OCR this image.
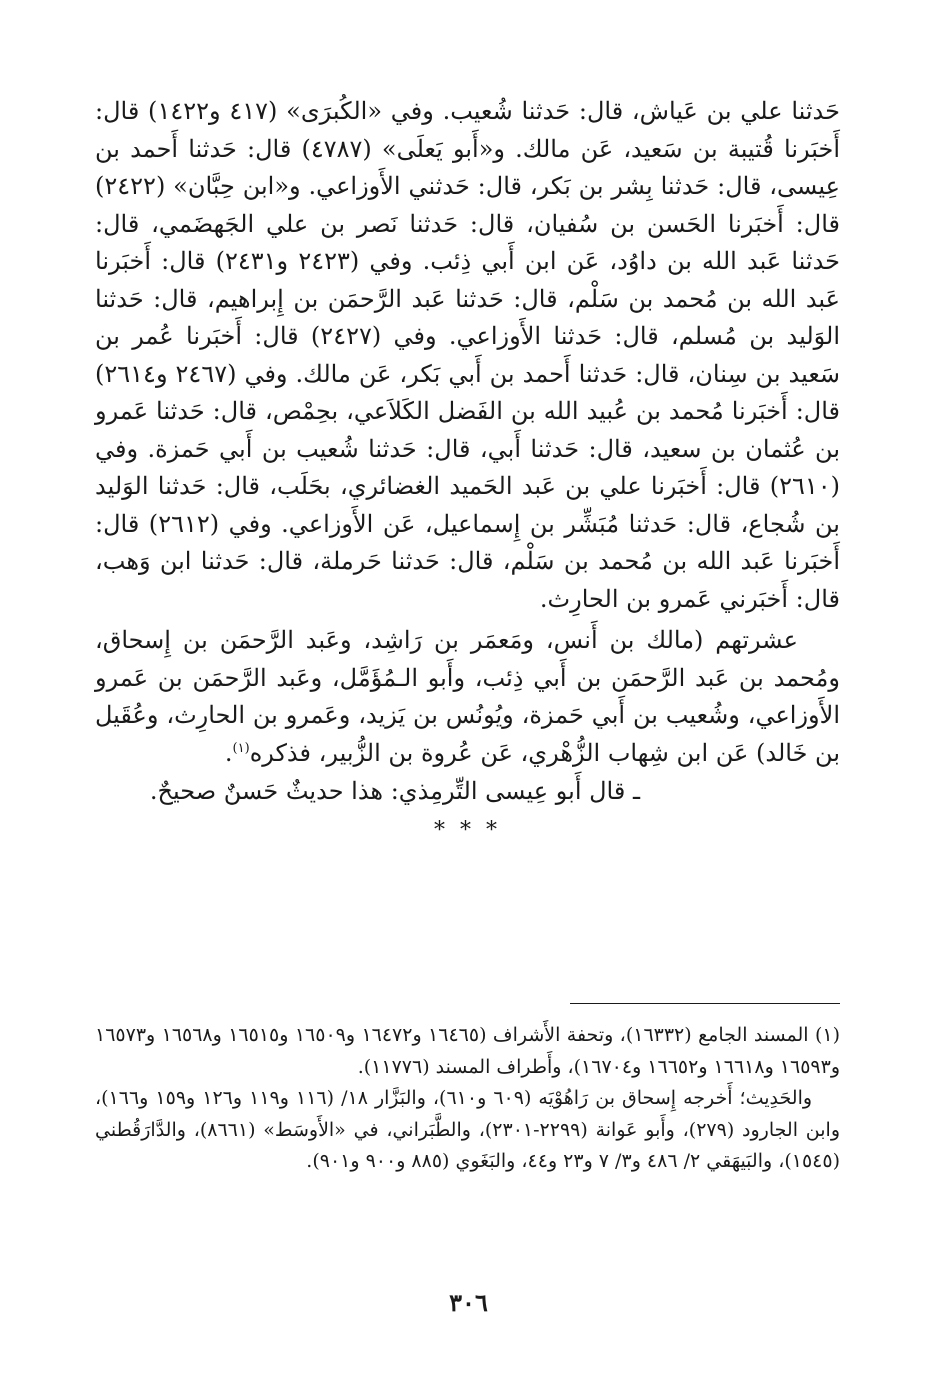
حَدثنا علي بن عَياش، قال: حَدثنا شُعيب. وفي «الكُبرَى» (٤١٧ و١٤٢٢) قال: أَخبَرنا قُتيبة بن سَعيد، عَن مالك. و«أَبو يَعلَى» (٤٧٨٧) قال: حَدثنا أَحمد بن عِيسى، قال: حَدثنا بِشر بن بَكر، قال: حَدثني الأَوزاعي. و«ابن حِبَّان» (٢٤٢٢) قال: أَخبَرنا الحَسن بن سُفيان، قال: حَدثنا نَصر بن علي الجَهضَمي، قال: حَدثنا عَبد الله بن داوُد، عَن ابن أَبي ذِئب. وفي (٢٤٢٣ و٢٤٣١) قال: أَخبَرنا عَبد الله بن مُحمد بن سَلْم، قال: حَدثنا عَبد الرَّحمَن بن إِبراهيم، قال: حَدثنا الوَليد بن مُسلم، قال: حَدثنا الأَوزاعي. وفي (٢٤٢٧) قال: أَخبَرنا عُمر بن سَعيد بن سِنان، قال: حَدثنا أَحمد بن أَبي بَكر، عَن مالك. وفي (٢٤٦٧ و٢٦١٤) قال: أَخبَرنا مُحمد بن عُبيد الله بن الفَضل الكَلاَعي، بحِمْص، قال: حَدثنا عَمرو بن عُثمان بن سعيد، قال: حَدثنا أَبي، قال: حَدثنا شُعيب بن أَبي حَمزة. وفي (٢٦١٠) قال: أَخبَرنا علي بن عَبد الحَميد الغضائري، بحَلَب، قال: حَدثنا الوَليد بن شُجاع، قال: حَدثنا مُبَشِّر بن إِسماعيل، عَن الأَوزاعي. وفي (٢٦١٢) قال: أَخبَرنا عَبد الله بن مُحمد بن سَلْم، قال: حَدثنا حَرملة، قال: حَدثنا ابن وَهب، قال: أَخبَرني عَمرو بن الحارِث.

عشرتهم (مالك بن أَنس، ومَعمَر بن رَاشِد، وعَبد الرَّحمَن بن إِسحاق، ومُحمد بن عَبد الرَّحمَن بن أَبي ذِئب، وأَبو الـمُؤَمَّل، وعَبد الرَّحمَن بن عَمرو الأَوزاعي، وشُعيب بن أَبي حَمزة، ويُونُس بن يَزيد، وعَمرو بن الحارِث، وعُقَيل بن خَالد) عَن ابن شِهاب الزُّهْري، عَن عُروة بن الزُّبير، فذكره$^{(١)}$.

ـ قال أَبو عِيسى التِّرمِذي: هذا حديثٌ حَسنٌ صحيحٌ.

* * *

(١) المسند الجامع (١٦٣٣٢)، وتحفة الأَشراف (١٦٤٦٥ و١٦٤٧٢ و١٦٥٠٩ و١٦٥١٥ و١٦٥٦٨ و١٦٥٧٣ و١٦٥٩٣ و١٦٦١٨ و١٦٦٥٢ و١٦٧٠٤)، وأَطراف المسند (١١٧٧٦).

والحَدِيث؛ أَخرجه إِسحاق بن رَاهُوْيَه (٦٠٩ و٦١٠)، والبَزَّار ١٨/ (١١٦ و١١٩ و١٢٦ و١٥٩ و١٦٦)، وابن الجارود (٢٧٩)، وأَبو عَوانة (٢٢٩٩-٢٣٠١)، والطَّبَراني، في «الأَوسَط» (٨٦٦١)، والدَّارَقُطني (١٥٤٥)، والبَيهَقي ٢/ ٤٨٦ و٣/ ٧ و٢٣ و٤٤، والبَغَوي (٨٨٥ و٩٠٠ و٩٠١).

٣٠٦
